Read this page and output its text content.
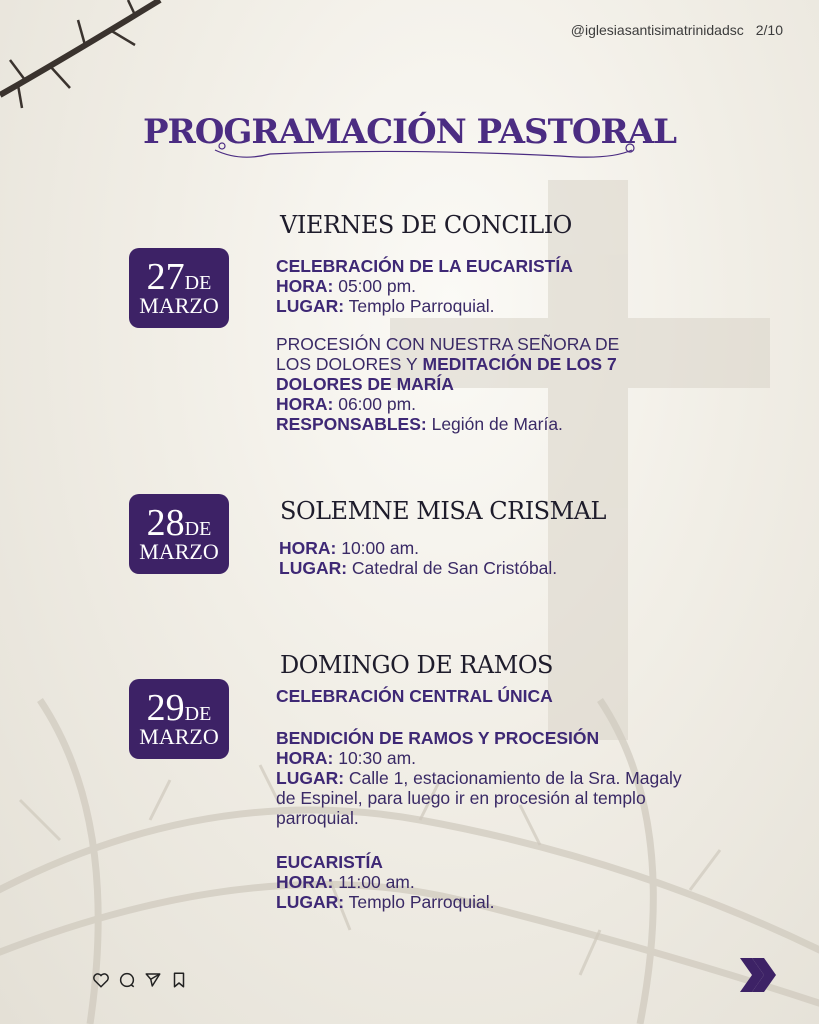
@iglesiasantisimatrinidadsc 2/10
PROGRAMACIÓN PASTORAL
27DE
MARZO
VIERNES DE CONCILIO
CELEBRACIÓN DE LA EUCARISTÍA
HORA: 05:00 pm.
LUGAR: Templo Parroquial.
PROCESIÓN CON NUESTRA SEÑORA DE
LOS DOLORES Y MEDITACIÓN DE LOS 7
DOLORES DE MARÍA
HORA: 06:00 pm.
RESPONSABLES: Legión de María.
28DE
MARZO
SOLEMNE MISA CRISMAL
HORA: 10:00 am.
LUGAR: Catedral de San Cristóbal.
29DE
MARZO
DOMINGO DE RAMOS
CELEBRACIÓN CENTRAL ÚNICA
BENDICIÓN DE RAMOS Y PROCESIÓN
HORA: 10:30 am.
LUGAR: Calle 1, estacionamiento de la Sra. Magaly
de Espinel, para luego ir en procesión al templo
parroquial.
EUCARISTÍA
HORA: 11:00 am.
LUGAR: Templo Parroquial.
